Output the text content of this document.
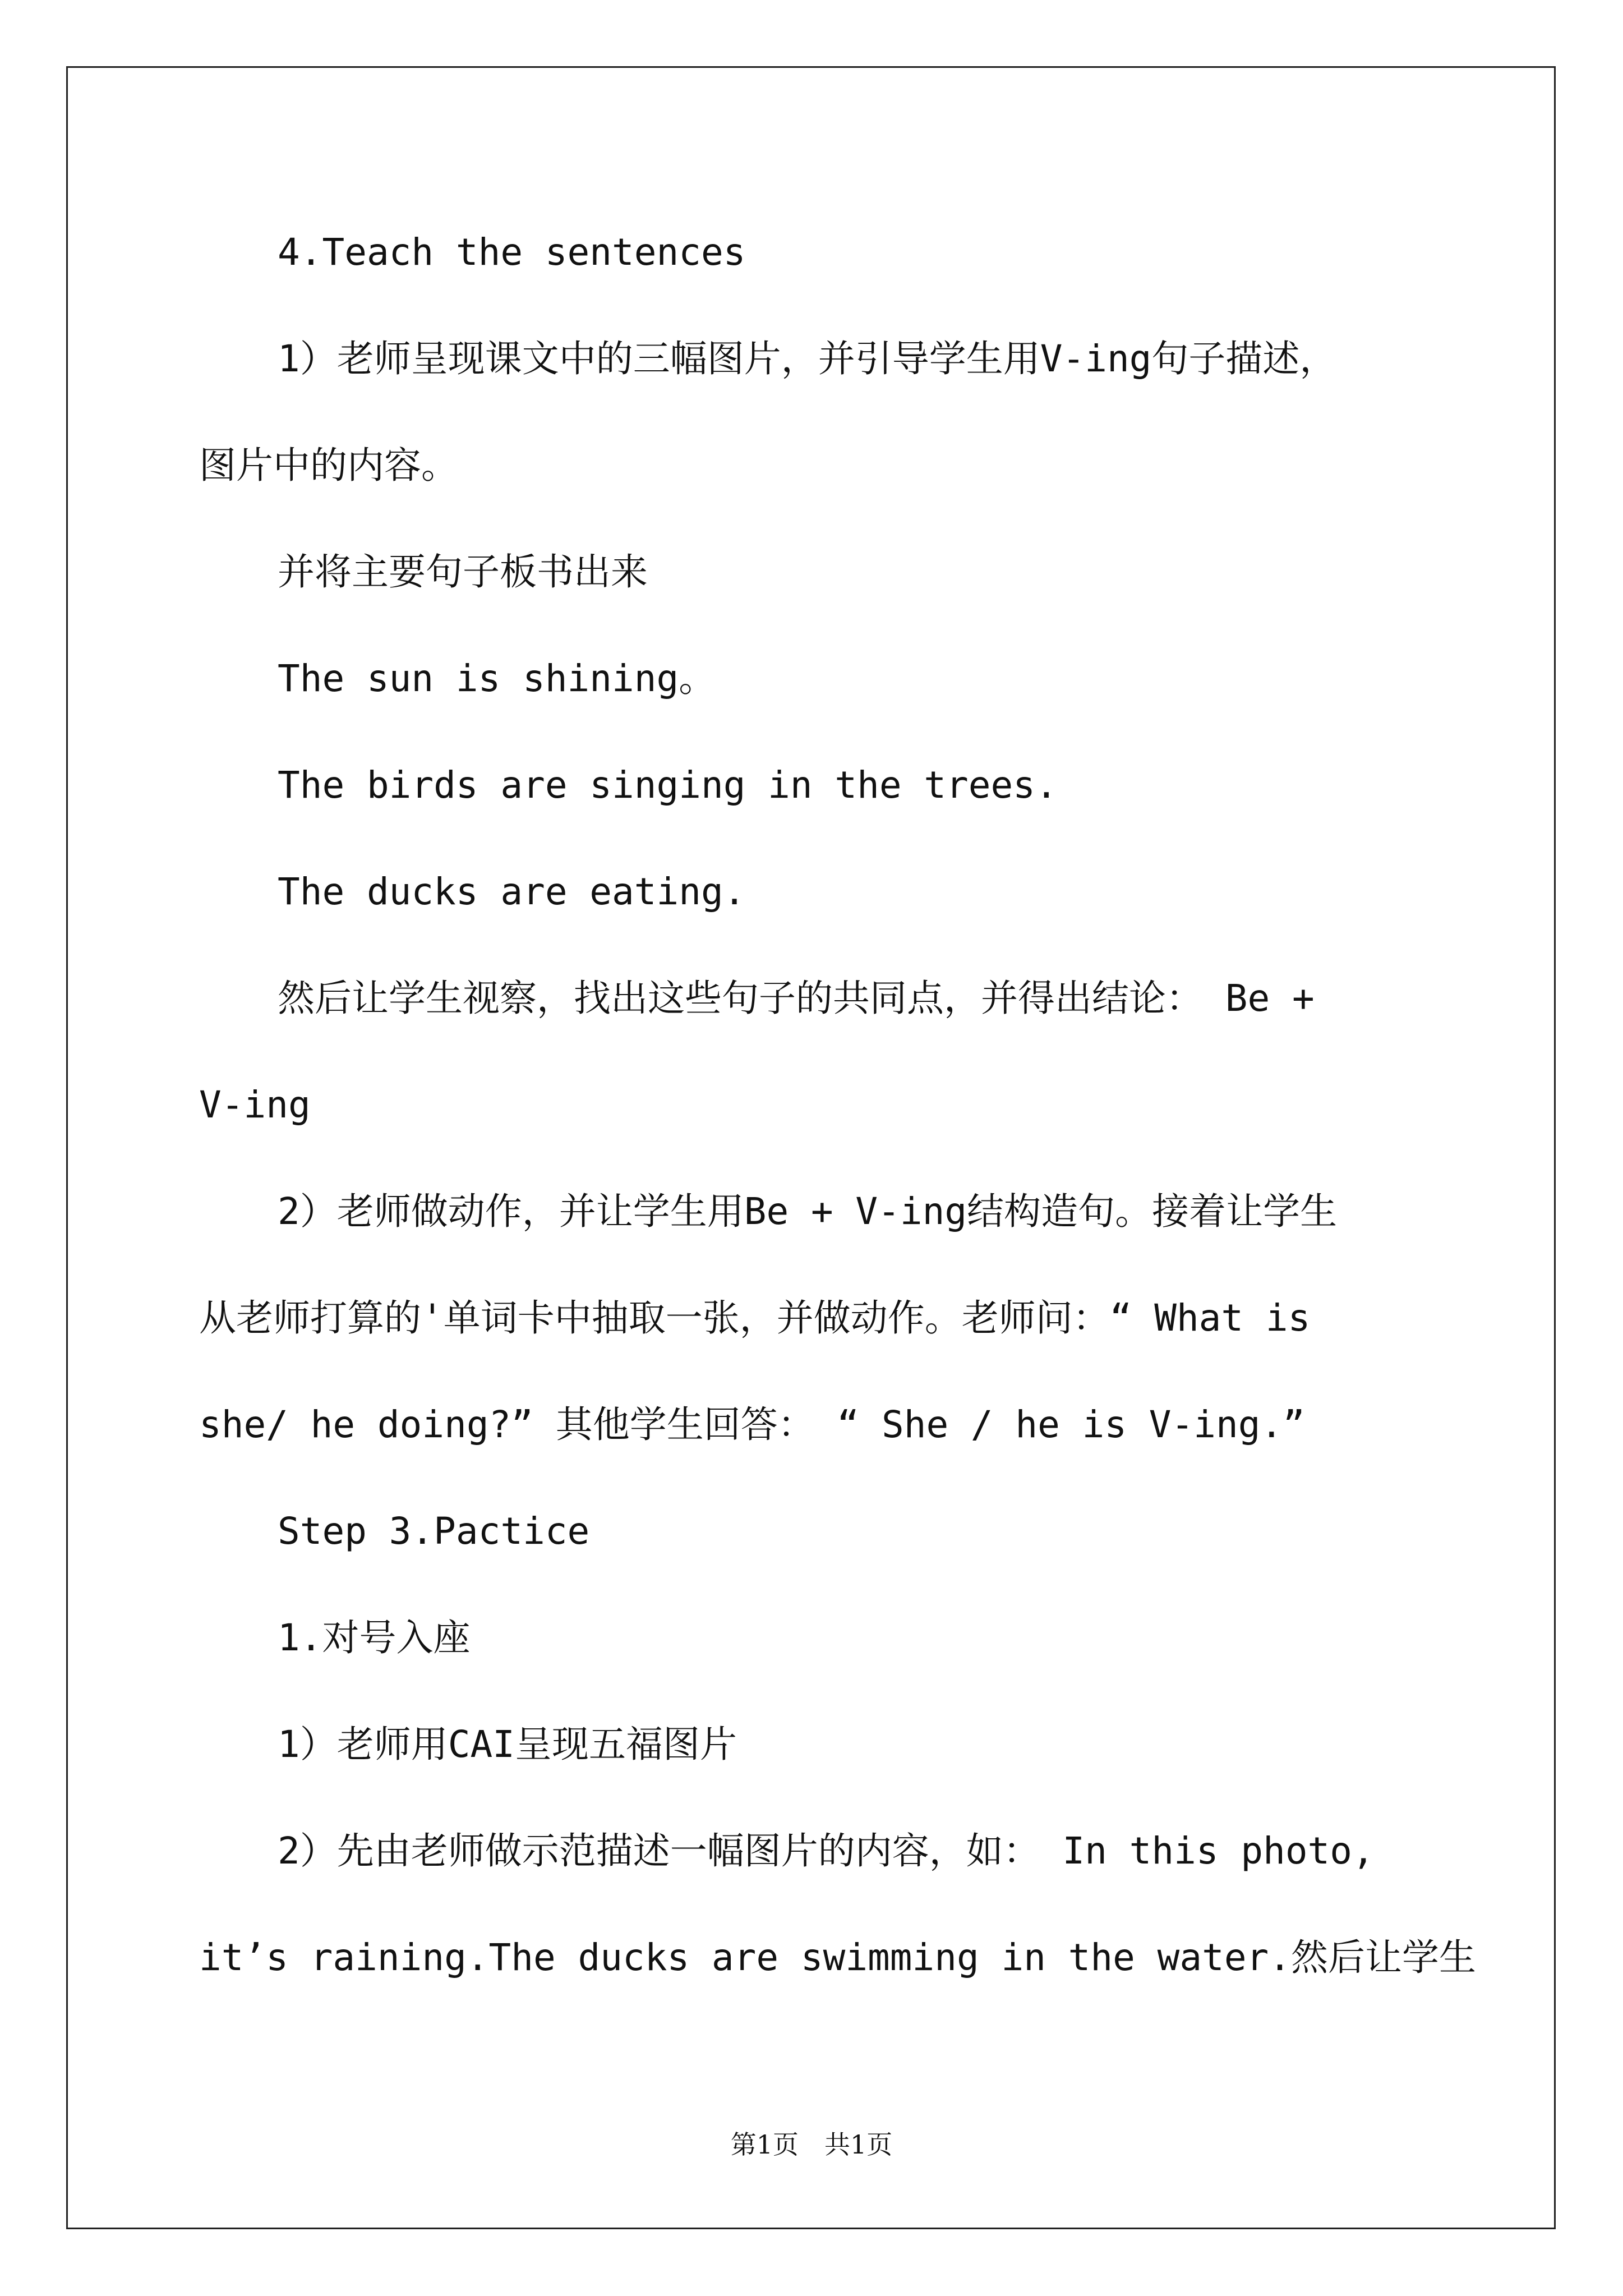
4.Teach the sentences
1）老师呈现课文中的三幅图片，并引导学生用V-ing句子描述，
图片中的内容。
并将主要句子板书出来
The sun is shining。
The birds are singing in the trees.
The ducks are eating.
然后让学生视察，找出这些句子的共同点，并得出结论： Be +
V-ing
2）老师做动作，并让学生用Be + V-ing结构造句。接着让学生
从老师打算的'单词卡中抽取一张，并做动作。老师问：“ What is
she/ he doing?” 其他学生回答： “ She / he is V-ing.”
Step 3.Pactice
1.对号入座
1）老师用CAI呈现五福图片
2）先由老师做示范描述一幅图片的内容，如： In this photo,
it’s raining.The ducks are swimming in the water.然后让学生
第1页　共1页
